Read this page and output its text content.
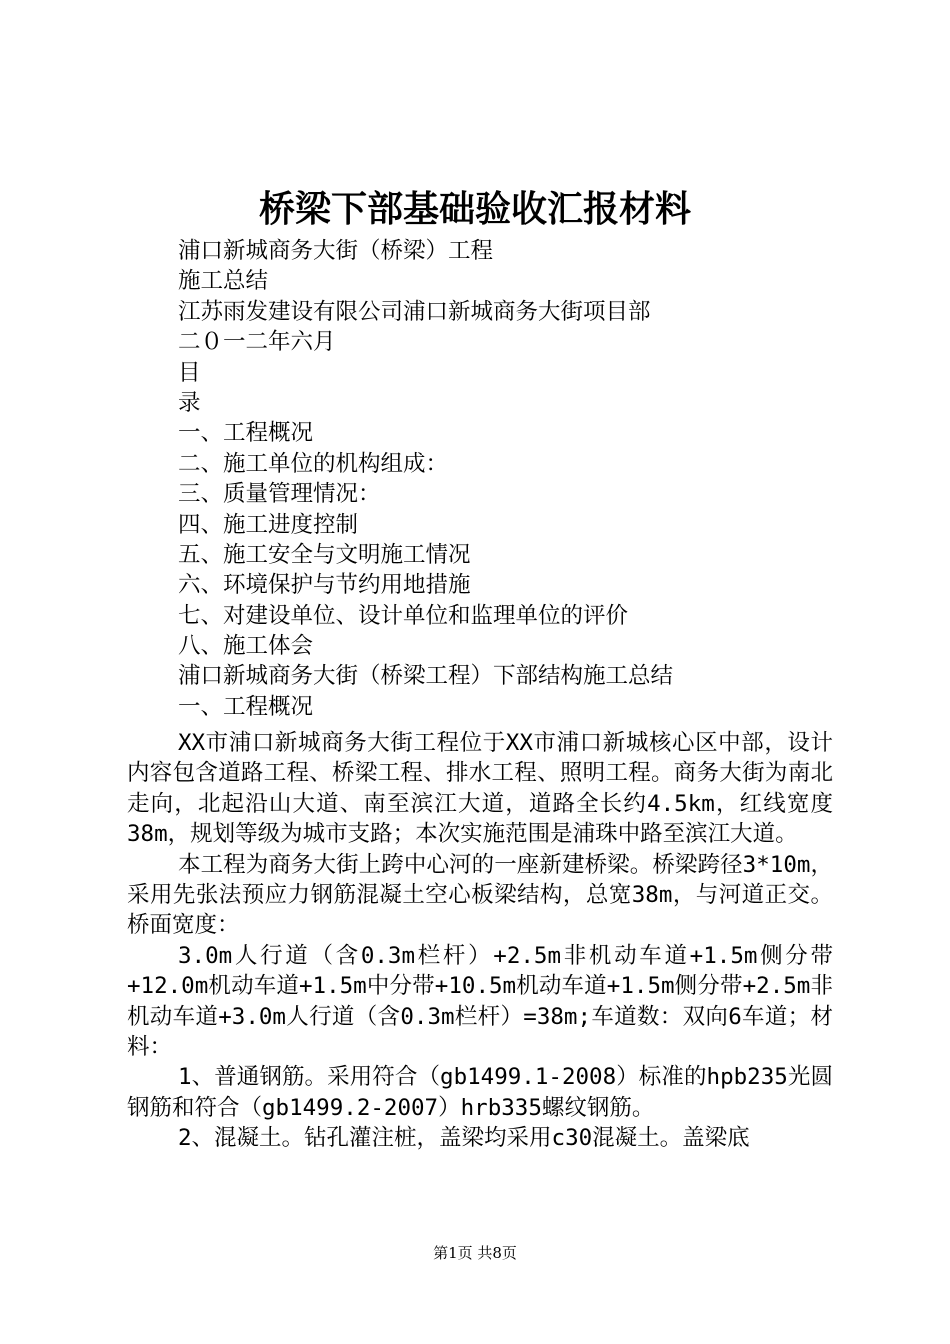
桥梁下部基础验收汇报材料
浦口新城商务大街（桥梁）工程
施工总结
江苏雨发建设有限公司浦口新城商务大街项目部
二０一二年六月
目
录
一、工程概况
二、施工单位的机构组成：
三、质量管理情况：
四、施工进度控制
五、施工安全与文明施工情况
六、环境保护与节约用地措施
七、对建设单位、设计单位和监理单位的评价
八、施工体会
浦口新城商务大街（桥梁工程）下部结构施工总结
一、工程概况

XX市浦口新城商务大街工程位于XX市浦口新城核心区中部，设计内容包含道路工程、桥梁工程、排水工程、照明工程。商务大街为南北走向，北起沿山大道、南至滨江大道，道路全长约4.5km，红线宽度38m，规划等级为城市支路；本次实施范围是浦珠中路至滨江大道。

本工程为商务大街上跨中心河的一座新建桥梁。桥梁跨径3*10m，采用先张法预应力钢筋混凝土空心板梁结构，总宽38m，与河道正交。桥面宽度：

3.0m人行道（含0.3m栏杆）+2.5m非机动车道+1.5m侧分带+12.0m机动车道+1.5m中分带+10.5m机动车道+1.5m侧分带+2.5m非机动车道+3.0m人行道（含0.3m栏杆）=38m;车道数：双向6车道；材料：

1、普通钢筋。采用符合（gb1499.1-2008）标准的hpb235光圆钢筋和符合（gb1499.2-2007）hrb335螺纹钢筋。

2、混凝土。钻孔灌注桩，盖梁均采用c30混凝土。盖梁底

第1页 共8页
